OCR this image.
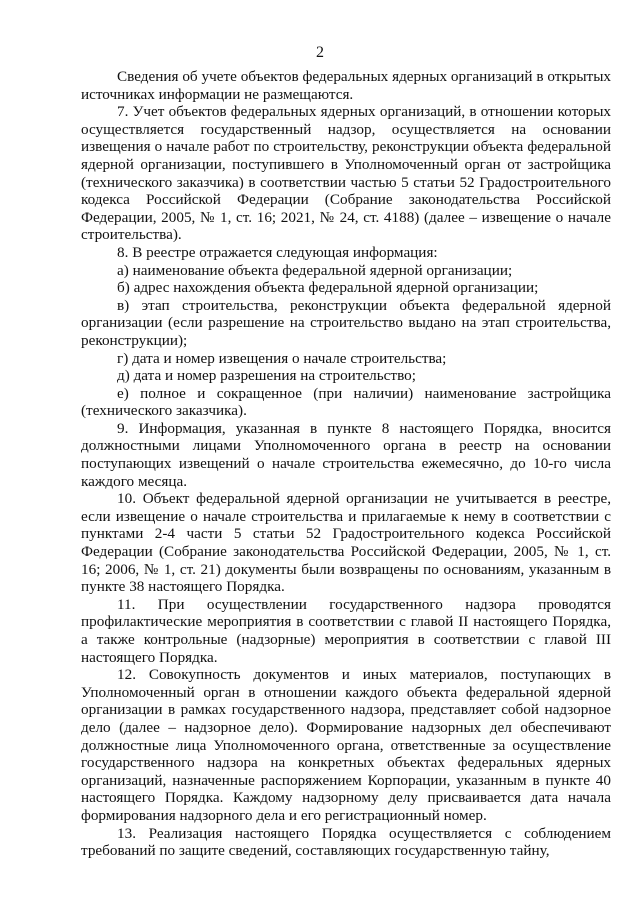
2

Сведения об учете объектов федеральных ядерных организаций в открытых источниках информации не размещаются.

7. Учет объектов федеральных ядерных организаций, в отношении которых осуществляется государственный надзор, осуществляется на основании извещения о начале работ по строительству, реконструкции объекта федеральной ядерной организации, поступившего в Уполномоченный орган от застройщика (технического заказчика) в соответствии частью 5 статьи 52 Градостроительного кодекса Российской Федерации (Собрание законодательства Российской Федерации, 2005, № 1, ст. 16; 2021, № 24, ст. 4188) (далее – извещение о начале строительства).

8. В реестре отражается следующая информация:

а) наименование объекта федеральной ядерной организации;

б) адрес нахождения объекта федеральной ядерной организации;

в) этап строительства, реконструкции объекта федеральной ядерной организации (если разрешение на строительство выдано на этап строительства, реконструкции);

г) дата и номер извещения о начале строительства;

д) дата и номер разрешения на строительство;

е) полное и сокращенное (при наличии) наименование застройщика (технического заказчика).

9. Информация, указанная в пункте 8 настоящего Порядка, вносится должностными лицами Уполномоченного органа в реестр на основании поступающих извещений о начале строительства ежемесячно, до 10-го числа каждого месяца.

10. Объект федеральной ядерной организации не учитывается в реестре, если извещение о начале строительства и прилагаемые к нему в соответствии с пунктами 2-4 части 5 статьи 52 Градостроительного кодекса Российской Федерации (Собрание законодательства Российской Федерации, 2005, № 1, ст. 16; 2006, № 1, ст. 21) документы были возвращены по основаниям, указанным в пункте 38 настоящего Порядка.

11. При осуществлении государственного надзора проводятся профилактические мероприятия в соответствии с главой II настоящего Порядка, а также контрольные (надзорные) мероприятия в соответствии с главой III настоящего Порядка.

12. Совокупность документов и иных материалов, поступающих в Уполномоченный орган в отношении каждого объекта федеральной ядерной организации в рамках государственного надзора, представляет собой надзорное дело (далее – надзорное дело). Формирование надзорных дел обеспечивают должностные лица Уполномоченного органа, ответственные за осуществление государственного надзора на конкретных объектах федеральных ядерных организаций, назначенные распоряжением Корпорации, указанным в пункте 40 настоящего Порядка. Каждому надзорному делу присваивается дата начала формирования надзорного дела и его регистрационный номер.

13. Реализация настоящего Порядка осуществляется с соблюдением требований по защите сведений, составляющих государственную тайну,
